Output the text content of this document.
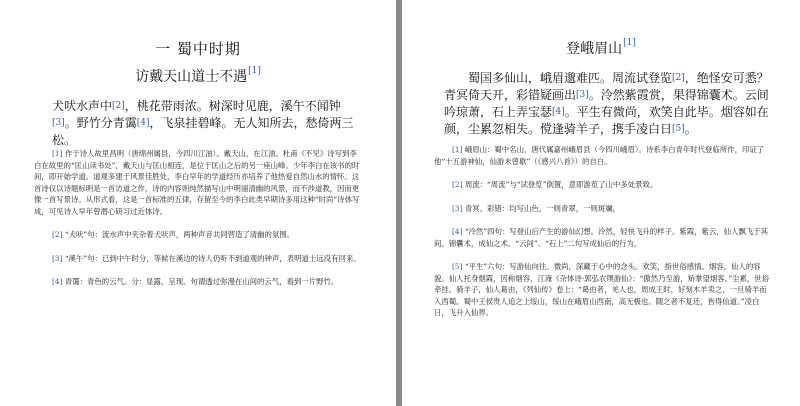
一 蜀中时期
访戴天山道士不遇[1]

犬吠水声中[2]，桃花带雨浓。树深时见鹿，溪午不闻钟[3]。野竹分青霭[4]，飞泉挂碧峰。无人知所去，愁倚两三松。

[1] 作于诗人故里昌明（唐绵州属县，今四川江油）。戴天山，在江油。杜甫《不见》诗写到李白在故里的“匡山读书处”，戴天山与匡山相连，是位于匡山之后的另一座山峰。少年李白在该书的时间，即开始学道。道观多建于风景佳胜处，李白早年的学道经历亦培养了他热爱自然山水的情怀。这首诗仅以诗题标明是一首访道之作，诗的内容则纯然描写山中明丽清幽的风景，而不涉道教，因而更像一首写景诗。从形式看，这是一首标准的五律，存留至今的李白此类早期诗多用这种“时尚”诗体写成，可见诗人早年曾潜心研习过近体诗。
[2] “犬吠”句：流水声中夹杂着犬吠声，两种声音共同营造了清幽的氛围。
[3] “溪午”句：已到中午时分，等候在溪边的诗人仍听不到道观的钟声，表明道士远没有回来。
[4] 青霭：青色的云气。分：显露，呈现。句谓透过弥漫在山间的云气，看到一片野竹。
登峨眉山[1]

蜀国多仙山，峨眉邈难匹。周流试登览[2]，绝怪安可悉？青冥倚天开，彩错疑画出[3]。泠然紫霞赏，果得锦囊术。云间吟琼萧，石上弄宝瑟[4]。平生有微尚，欢笑自此毕。烟容如在颜，尘累忽相失。傥逢骑羊子，携手凌白日[5]。

[1] 峨眉山：蜀中名山，唐代属嘉州峨眉县（今四川峨眉）。诗系李白青年时代登临所作，印证了他“十五游神仙，仙游未曾歇”（《感兴八首》）的自白。
[2] 周流：“周流”与“试登览”倒置，意即游览了山中多处景致。
[3] 青冥、彩错：均写山色，一则青翠，一则斑斓。
[4] “泠然”四句：写登山后产生的游仙幻想。泠然，轻快飞升的样子。紫霞，紫云，仙人飘飞于其间。锦囊术，成仙之术。“云间”、“石上”二句写成仙后的行为。
[5] “平生”六句：写游仙向往。微尚，深藏于心中的念头。欢笑，指世俗感情。烟容，仙人的容貌。仙人托身烟霞，因称烟容，江淹《杂体诗·郭弘农璞游仙》：“傲然乃至游，矫掌望烟客。”尘累，世俗牵挂。骑羊子，仙人葛由，《列仙传》卷上：“葛由者，羌人也，周成王时，好刻木羊卖之，一旦骑羊而入西蜀。蜀中王侯贵人追之上绥山，绥山在峨眉山西南，高无极也。随之者不复还，皆得仙道。”凌白日，飞升入仙界。
